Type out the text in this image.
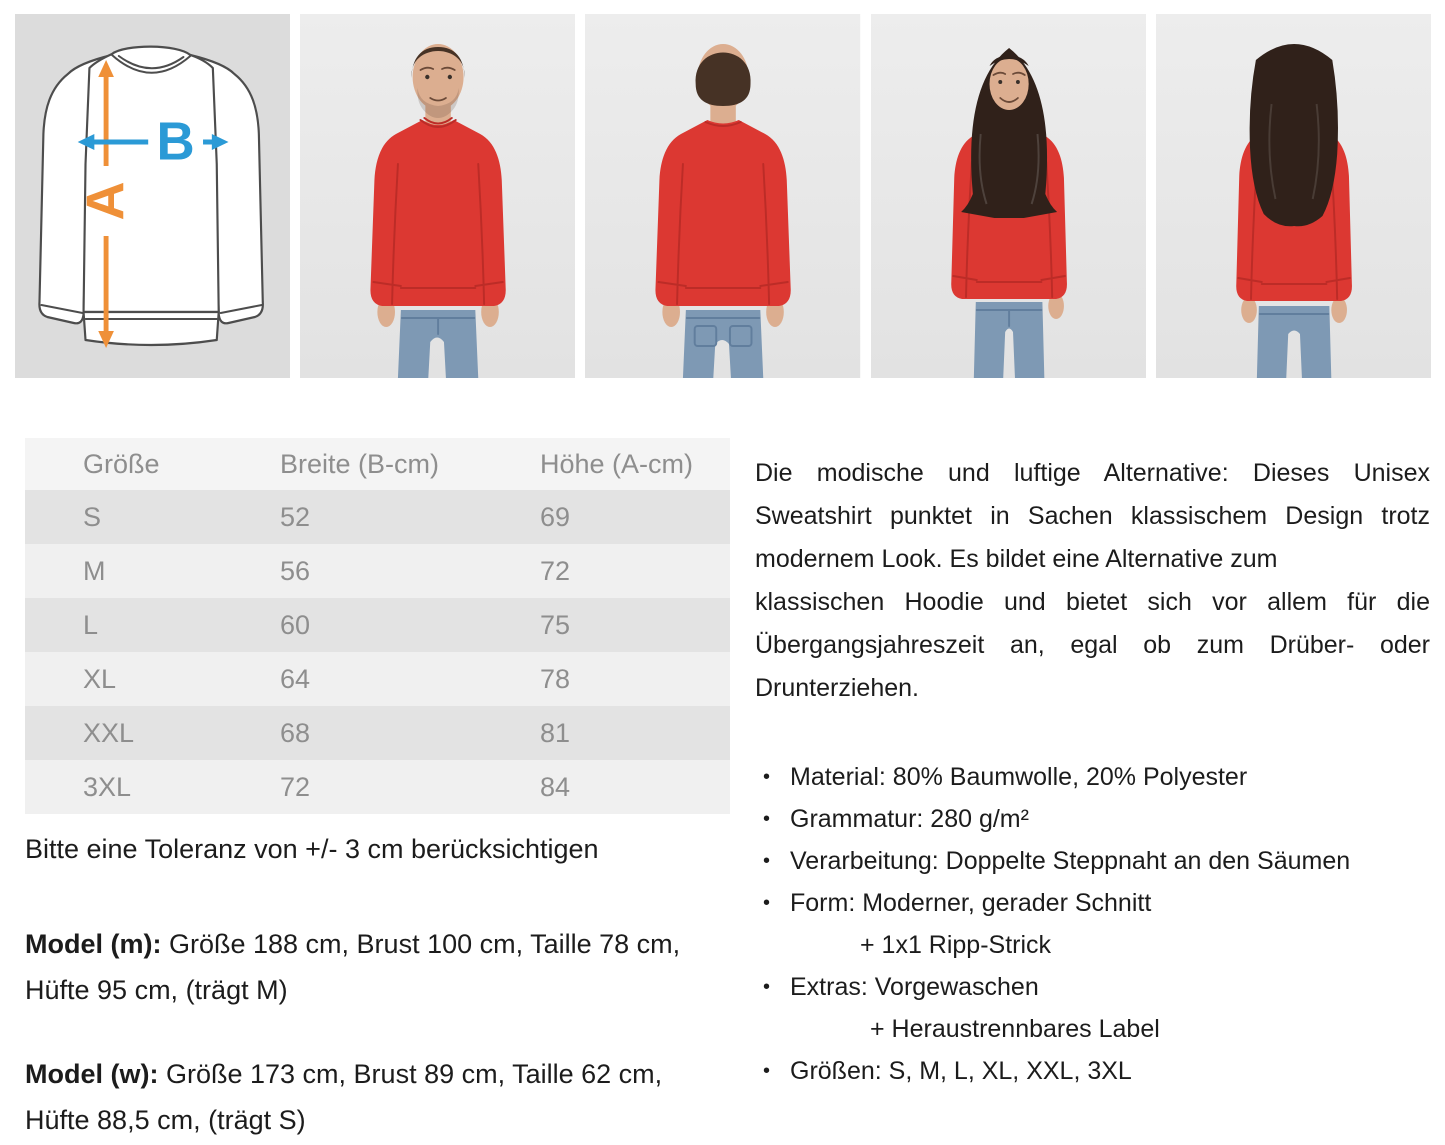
A
B
Größe	Breite (B-cm)	Höhe (A-cm)
S	52	69
M	56	72
L	60	75
XL	64	78
XXL	68	81
3XL	72	84
Bitte eine Toleranz von +/- 3 cm berücksichtigen
Model (m): Größe 188 cm, Brust 100 cm, Taille 78 cm,
Hüfte 95 cm, (trägt M)
Model (w): Größe 173 cm, Brust 89 cm, Taille 62 cm,
Hüfte 88,5 cm, (trägt S)
Die modische und luftige Alternative: Dieses Unisex
Sweatshirt punktet in Sachen klassischem Design trotz
modernem Look. Es bildet eine Alternative zum
klassischen Hoodie und bietet sich vor allem für die
Übergangsjahreszeit an, egal ob zum Drüber- oder
Drunterziehen.
• Material: 80% Baumwolle, 20% Polyester
• Grammatur: 280 g/m²
• Verarbeitung: Doppelte Steppnaht an den Säumen
• Form: Moderner, gerader Schnitt
+ 1x1 Ripp-Strick
• Extras: Vorgewaschen
+ Heraustrennbares Label
• Größen: S, M, L, XL, XXL, 3XL
